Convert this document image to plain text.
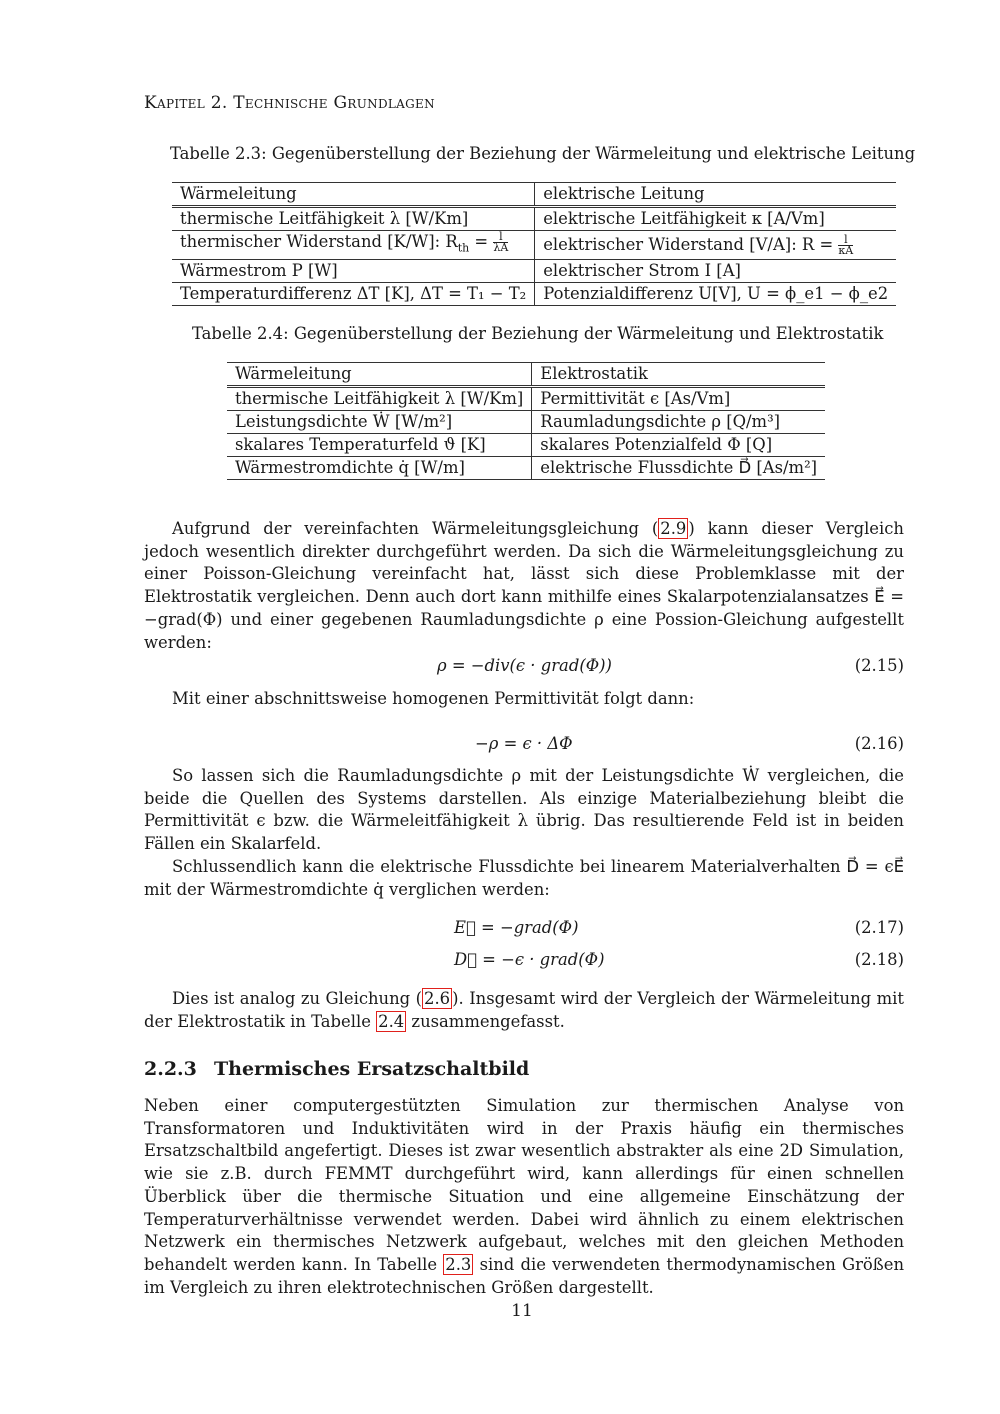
Kapitel 2. Technische Grundlagen
Tabelle 2.3: Gegenüberstellung der Beziehung der Wärmeleitung und elektrische Leitung
Wärmeleitung	elektrische Leitung
thermische Leitfähigkeit λ [W/Km]	elektrische Leitfähigkeit κ [A/Vm]
thermischer Widerstand [K/W]: $R_{th} = \frac{l}{\lambda A}$	elektrischer Widerstand [V/A]: $R = \frac{l}{\kappa A}$

Wärmestrom P [W]	elektrischer Strom I [A]
Temperaturdifferenz ΔT [K], ΔT = T₁ − T₂	Potenzialdifferenz U[V], U = ϕ_e1 − ϕ_e2
Tabelle 2.4: Gegenüberstellung der Beziehung der Wärmeleitung und Elektrostatik
Wärmeleitung	Elektrostatik
thermische Leitfähigkeit λ [W/Km]	Permittivität ϵ [As/Vm]
Leistungsdichte Ẇ [W/m²]	Raumladungsdichte ρ [Q/m³]
skalares Temperaturfeld ϑ [K]	skalares Potenzialfeld Φ [Q]
Wärmestromdichte q̇ [W/m]	elektrische Flussdichte D⃗ [As/m²]

Aufgrund der vereinfachten Wärmeleitungsgleichung ( 2.9 ) kann dieser Vergleich jedoch wesentlich direkter durchgeführt werden. Da sich die Wärmeleitungsgleichung zu einer Poisson-Gleichung vereinfacht hat, lässt sich diese Problemklasse mit der Elektrostatik vergleichen. Denn auch dort kann mithilfe eines Skalarpotenzialansatzes E⃗ = −grad(Φ) und einer gegebenen Raumladungsdichte ρ eine Possion-Gleichung aufgestellt werden:

ρ = −div(ϵ · grad(Φ))	(2.15)

Mit einer abschnittsweise homogenen Permittivität folgt dann:

−ρ = ϵ · ΔΦ	(2.16)

So lassen sich die Raumladungsdichte ρ mit der Leistungsdichte Ẇ vergleichen, die beide die Quellen des Systems darstellen. Als einzige Materialbeziehung bleibt die Permittivität ϵ bzw. die Wärmeleitfähigkeit λ übrig. Das resultierende Feld ist in beiden Fällen ein Skalarfeld.

Schlussendlich kann die elektrische Flussdichte bei linearem Materialverhalten D⃗ = ϵE⃗ mit der Wärmestromdichte q̇ verglichen werden:

E⃗ = −grad(Φ)	(2.17)
D⃗ = −ϵ · grad(Φ)	(2.18)

Dies ist analog zu Gleichung ( 2.6 ). Insgesamt wird der Vergleich der Wärmeleitung mit der Elektrostatik in Tabelle 2.4 zusammengefasst.

2.2.3 Thermisches Ersatzschaltbild

Neben einer computergestützten Simulation zur thermischen Analyse von Transformatoren und Induktivitäten wird in der Praxis häufig ein thermisches Ersatzschaltbild angefertigt. Dieses ist zwar wesentlich abstrakter als eine 2D Simulation, wie sie z.B. durch FEMMT durchgeführt wird, kann allerdings für einen schnellen Überblick über die thermische Situation und eine allgemeine Einschätzung der Temperaturverhältnisse verwendet werden. Dabei wird ähnlich zu einem elektrischen Netzwerk ein thermisches Netzwerk aufgebaut, welches mit den gleichen Methoden behandelt werden kann. In Tabelle 2.3 sind die verwendeten thermodynamischen Größen im Vergleich zu ihren elektrotechnischen Größen dargestellt.

11
